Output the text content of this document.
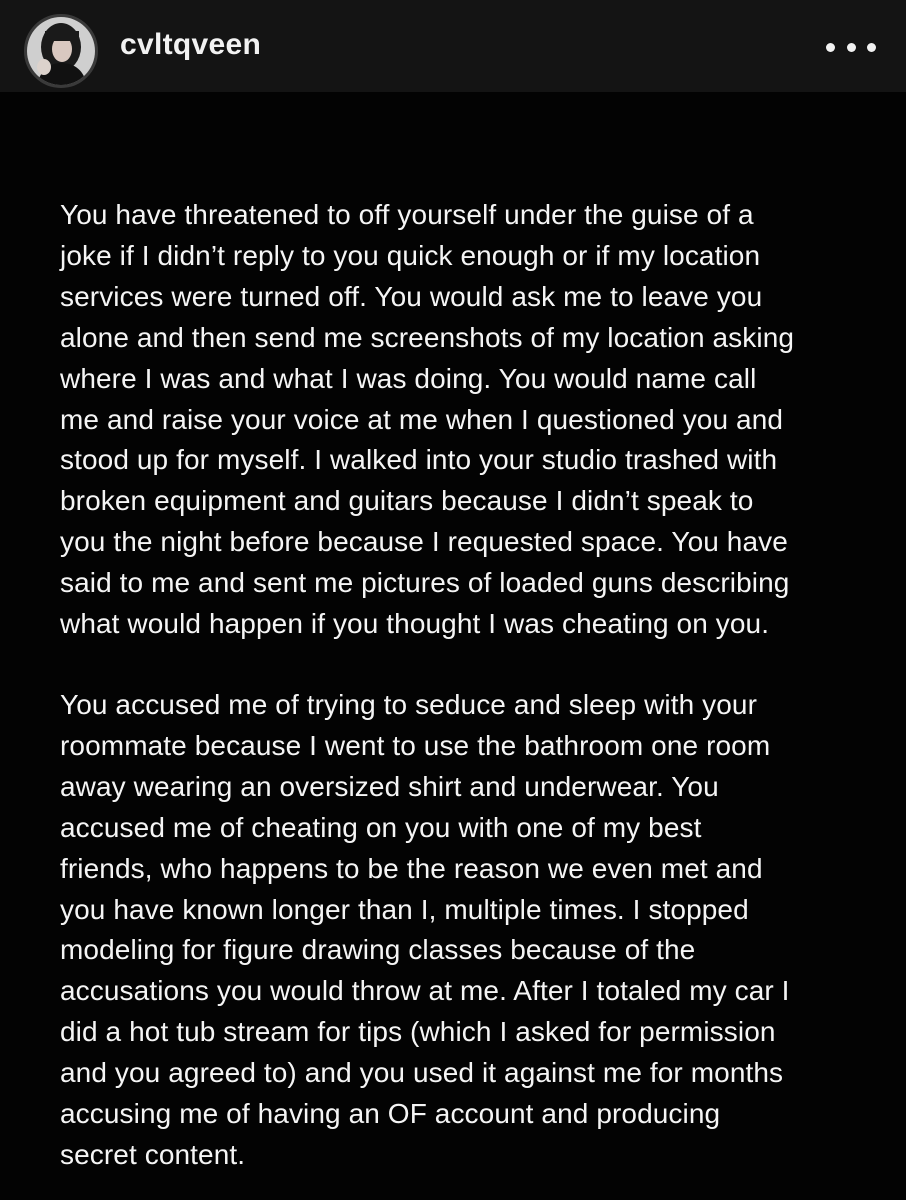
cvltqveen

You have threatened to off yourself under the guise of a
joke if I didn’t reply to you quick enough or if my location
services were turned off. You would ask me to leave you
alone and then send me screenshots of my location asking
where I was and what I was doing. You would name call
me and raise your voice at me when I questioned you and
stood up for myself. I walked into your studio trashed with
broken equipment and guitars because I didn’t speak to
you the night before because I requested space. You have
said to me and sent me pictures of loaded guns describing
what would happen if you thought I was cheating on you.

You accused me of trying to seduce and sleep with your
roommate because I went to use the bathroom one room
away wearing an oversized shirt and underwear. You
accused me of cheating on you with one of my best
friends, who happens to be the reason we even met and
you have known longer than I, multiple times. I stopped
modeling for figure drawing classes because of the
accusations you would throw at me. After I totaled my car I
did a hot tub stream for tips (which I asked for permission
and you agreed to) and you used it against me for months
accusing me of having an OF account and producing
secret content.
